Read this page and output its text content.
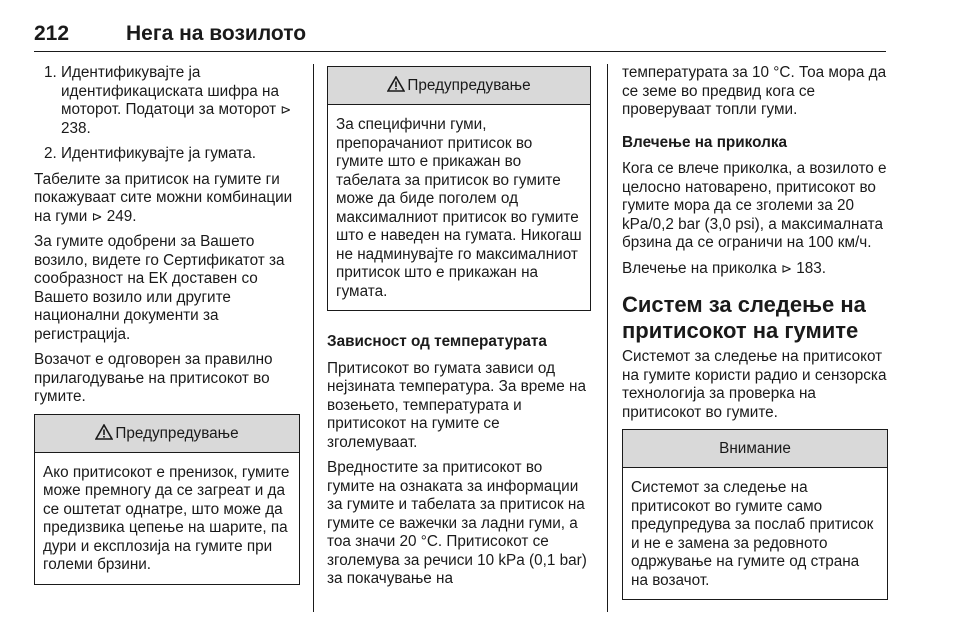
212	Нега на возилото
1. Идентификувајте ја идентификациската шифра на моторот. Податоци за моторот ⊳ 238.
2. Идентификувајте ја гумата.

Табелите за притисок на гумите ги покажуваат сите можни комбинации на гуми ⊳ 249.

За гумите одобрени за Вашето возило, видете го Сертификатот за сообразност на ЕК доставен со Вашето возило или другите национални документи за регистрација.

Возачот е одговорен за правилно прилагодување на притисокот во гумите.

Предупредување
Ако притисокот е пренизок, гумите може премногу да се загреат и да се оштетат однатре, што може да предизвика цепење на шарите, па дури и експлозија на гумите при големи брзини.
Предупредување
За специфични гуми, препорачаниот притисок во гумите што е прикажан во табелата за притисок во гумите може да биде поголем од максималниот притисок во гумите што е наведен на гумата. Никогаш не надминувајте го максималниот притисок што е прикажан на гумата.
Зависност од температурата

Притисокот во гумата зависи од нејзината температура. За време на возењето, температурата и притисокот на гумите се зголемуваат.

Вредностите за притисокот во гумите на ознаката за информации за гумите и табелата за притисок на гумите се важечки за ладни гуми, а тоа значи 20 °C. Притисокот се зголемува за речиси 10 kPa (0,1 bar) за покачување на

температурата за 10 °C. Тоа мора да се земе во предвид кога се проверуваат топли гуми.

Влечење на приколка

Кога се влече приколка, а возилото е целосно натоварено, притисокот во гумите мора да се зголеми за 20 kPa/0,2 bar (3,0 psi), а максималната брзина да се ограничи на 100 км/ч.

Влечење на приколка ⊳ 183.

Систем за следење на притисокот на гумите

Системот за следење на притисокот на гумите користи радио и сензорска технологија за проверка на притисокот во гумите.

Внимание
Системот за следење на притисокот во гумите само предупредува за послаб притисок и не е замена за редовното одржување на гумите од страна на возачот.
